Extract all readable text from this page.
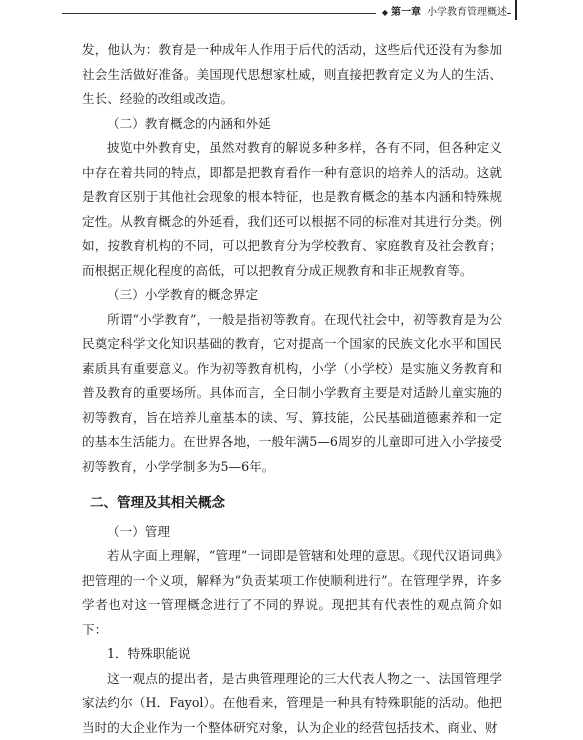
◆ 第一章 小学教育管理概述

发，他认为：教育是一种成年人作用于后代的活动，这些后代还没有为参加社会生活做好准备。美国现代思想家杜威，则直接把教育定义为人的生活、生长、经验的改组或改造。

（二）教育概念的内涵和外延

披览中外教育史，虽然对教育的解说多种多样，各有不同，但各种定义中存在着共同的特点，即都是把教育看作一种有意识的培养人的活动。这就是教育区别于其他社会现象的根本特征，也是教育概念的基本内涵和特殊规定性。从教育概念的外延看，我们还可以根据不同的标准对其进行分类。例如，按教育机构的不同，可以把教育分为学校教育、家庭教育及社会教育；而根据正规化程度的高低，可以把教育分成正规教育和非正规教育等。

（三）小学教育的概念界定

所谓“小学教育”，一般是指初等教育。在现代社会中，初等教育是为公民奠定科学文化知识基础的教育，它对提高一个国家的民族文化水平和国民素质具有重要意义。作为初等教育机构，小学（小学校）是实施义务教育和普及教育的重要场所。具体而言，全日制小学教育主要是对适龄儿童实施的初等教育，旨在培养儿童基本的读、写、算技能，公民基础道德素养和一定的基本生活能力。在世界各地，一般年满5—6周岁的儿童即可进入小学接受初等教育，小学学制多为5—6年。

二、管理及其相关概念

（一）管理

若从字面上理解，“管理”一词即是管辖和处理的意思。《现代汉语词典》把管理的一个义项，解释为“负责某项工作使顺利进行”。在管理学界，许多学者也对这一管理概念进行了不同的界说。现把其有代表性的观点简介如下：

1．特殊职能说

这一观点的提出者，是古典管理理论的三大代表人物之一、法国管理学家法约尔（H．Fayol）。在他看来，管理是一种具有特殊职能的活动。他把当时的大企业作为一个整体研究对象，认为企业的经营包括技术、商业、财
